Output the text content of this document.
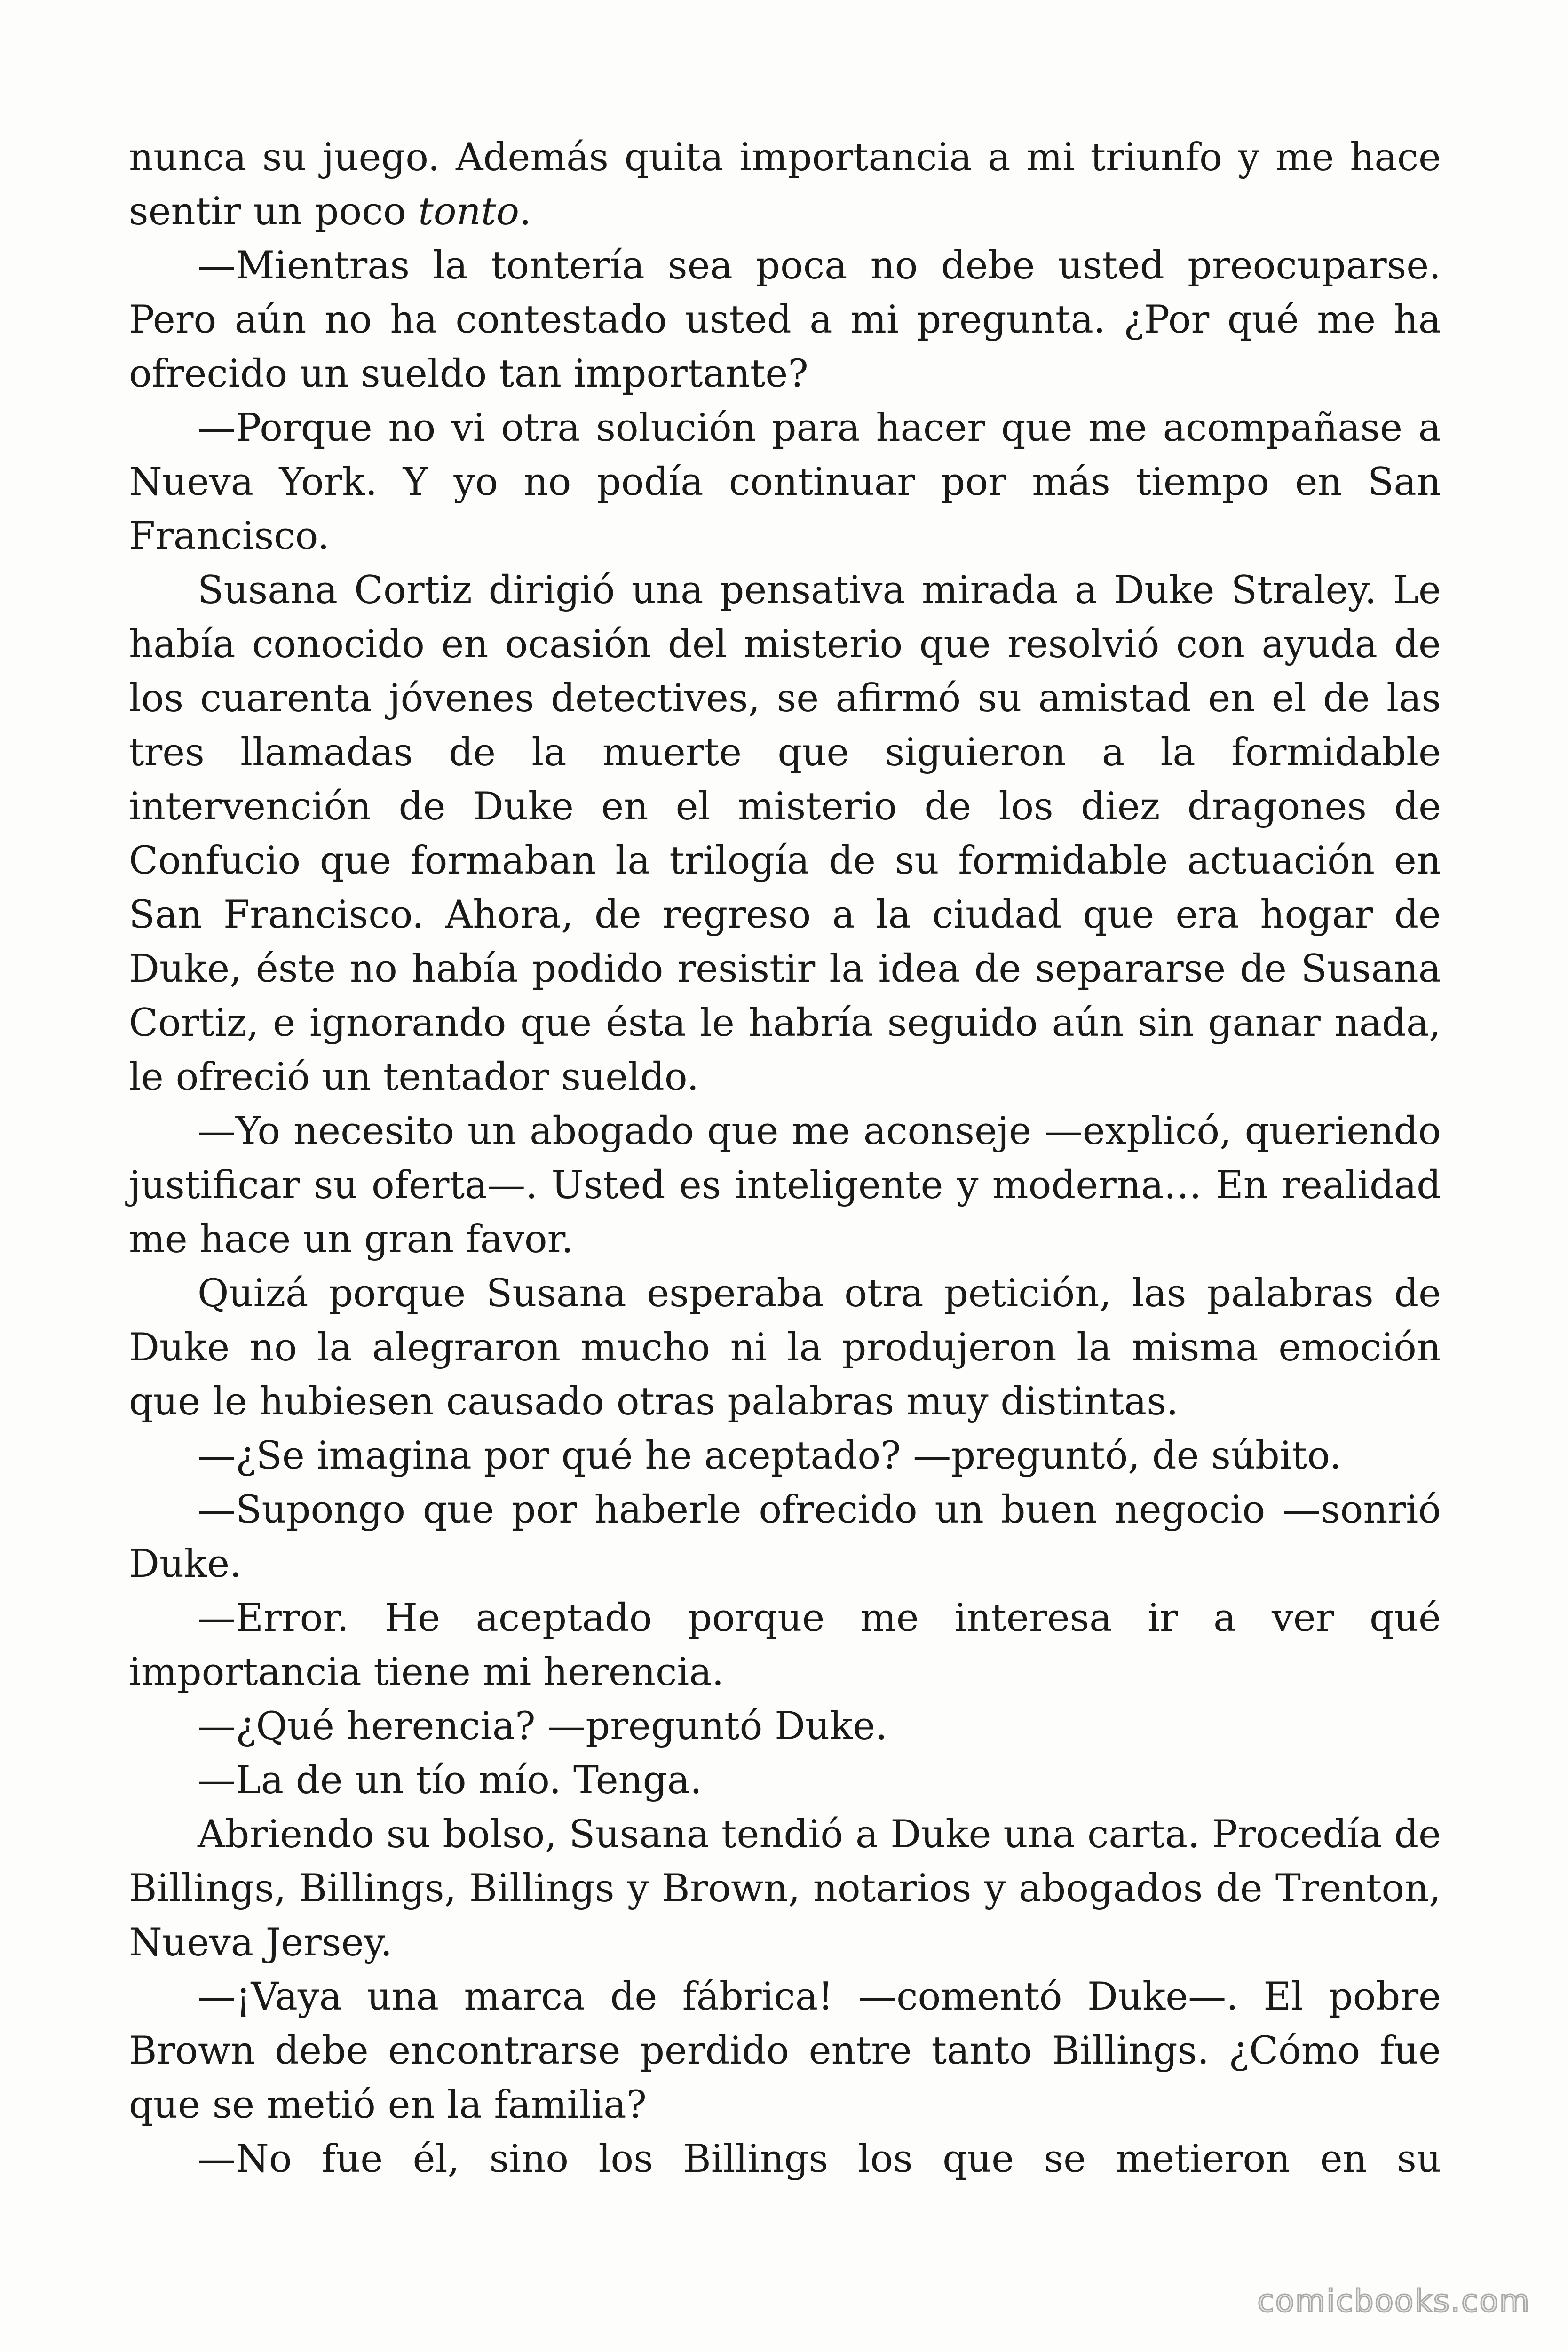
nunca su juego. Además quita importancia a mi triunfo y me hace sentir un poco tonto.

—Mientras la tontería sea poca no debe usted preocuparse. Pero aún no ha contestado usted a mi pregunta. ¿Por qué me ha ofrecido un sueldo tan importante?

—Porque no vi otra solución para hacer que me acompañase a Nueva York. Y yo no podía continuar por más tiempo en San Francisco.

Susana Cortiz dirigió una pensativa mirada a Duke Straley. Le había conocido en ocasión del misterio que resolvió con ayuda de los cuarenta jóvenes detectives, se afirmó su amistad en el de las tres llamadas de la muerte que siguieron a la formidable intervención de Duke en el misterio de los diez dragones de Confucio que formaban la trilogía de su formidable actuación en San Francisco. Ahora, de regreso a la ciudad que era hogar de Duke, éste no había podido resistir la idea de separarse de Susana Cortiz, e ignorando que ésta le habría seguido aún sin ganar nada, le ofreció un tentador sueldo.

—Yo necesito un abogado que me aconseje —explicó, queriendo justificar su oferta—. Usted es inteligente y moderna… En realidad me hace un gran favor.

Quizá porque Susana esperaba otra petición, las palabras de Duke no la alegraron mucho ni la produjeron la misma emoción que le hubiesen causado otras palabras muy distintas.

—¿Se imagina por qué he aceptado? —preguntó, de súbito.

—Supongo que por haberle ofrecido un buen negocio —sonrió Duke.

—Error. He aceptado porque me interesa ir a ver qué importancia tiene mi herencia.

—¿Qué herencia? —preguntó Duke.

—La de un tío mío. Tenga.

Abriendo su bolso, Susana tendió a Duke una carta. Procedía de Billings, Billings, Billings y Brown, notarios y abogados de Trenton, Nueva Jersey.

—¡Vaya una marca de fábrica! —comentó Duke—. El pobre Brown debe encontrarse perdido entre tanto Billings. ¿Cómo fue que se metió en la familia?

—No fue él, sino los Billings los que se metieron en su

comicbooks.com
